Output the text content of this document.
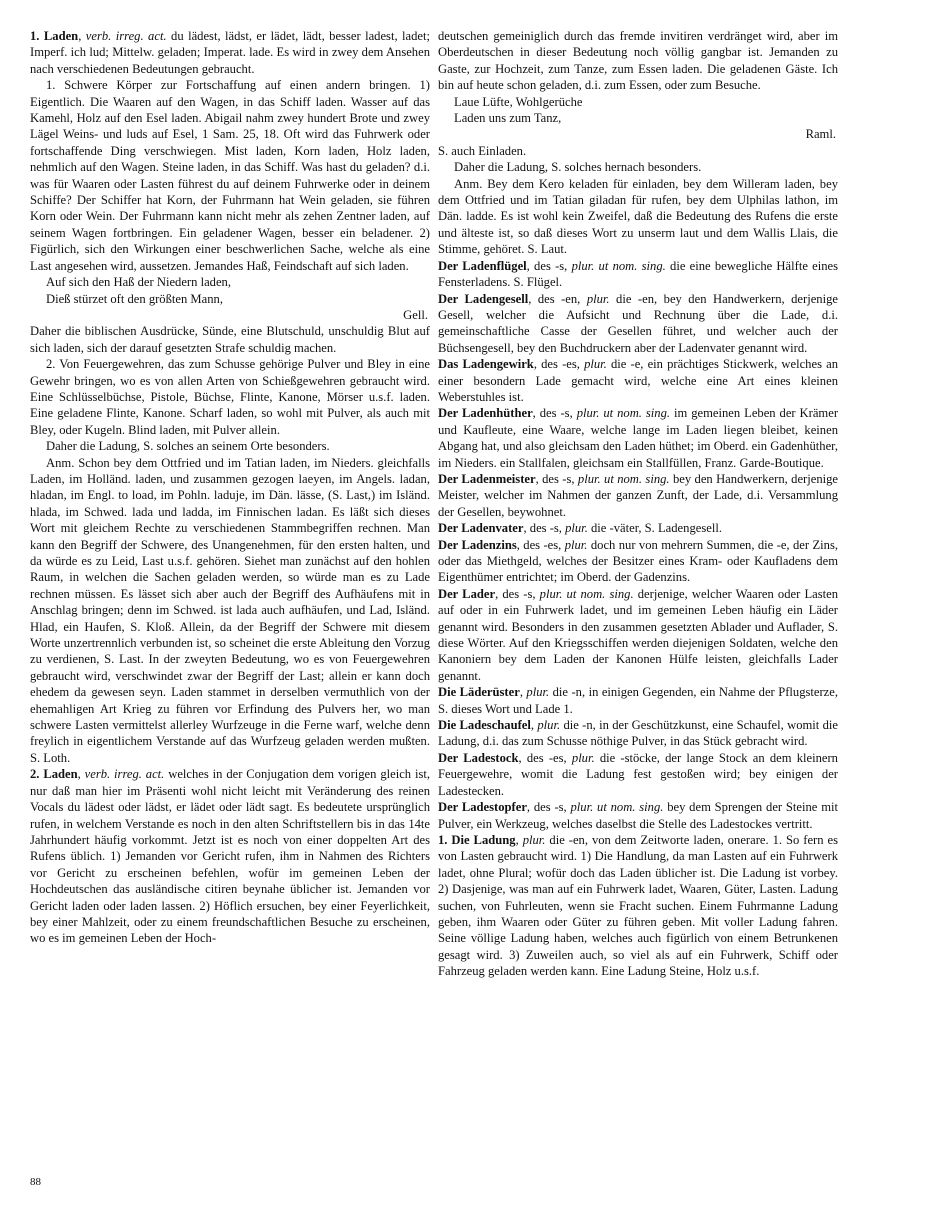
1. Laden, verb. irreg. act. du lädest, lädst, er lädet, lädt, besser ladest, ladet; Imperf. ich lud; Mittelw. geladen; Imperat. lade. Es wird in zwey dem Ansehen nach verschiedenen Bedeutungen gebraucht.

1. Schwere Körper zur Fortschaffung auf einen andern bringen. 1) Eigentlich. Die Waaren auf den Wagen, in das Schiff laden. Wasser auf das Kamehl, Holz auf den Esel laden. Abigail nahm zwey hundert Brote und zwey Lägel Weins- und luds auf Esel, 1 Sam. 25, 18. Oft wird das Fuhrwerk oder fortschaffende Ding verschwiegen. Mist laden, Korn laden, Holz laden, nehmlich auf den Wagen. Steine laden, in das Schiff. Was hast du geladen? d.i. was für Waaren oder Lasten führest du auf deinem Fuhrwerke oder in deinem Schiffe? Der Schiffer hat Korn, der Fuhrmann hat Wein geladen, sie führen Korn oder Wein. Der Fuhrmann kann nicht mehr als zehen Zentner laden, auf seinem Wagen fortbringen. Ein geladener Wagen, besser ein beladener. 2) Figürlich, sich den Wirkungen einer beschwerlichen Sache, welche als eine Last angesehen wird, aussetzen. Jemandes Haß, Feindschaft auf sich laden.

Auf sich den Haß der Niedern laden,

Dieß stürzet oft den größten Mann,

Gell.

Daher die biblischen Ausdrücke, Sünde, eine Blutschuld, unschuldig Blut auf sich laden, sich der darauf gesetzten Strafe schuldig machen.

2. Von Feuergewehren, das zum Schusse gehörige Pulver und Bley in eine Gewehr bringen, wo es von allen Arten von Schießgewehren gebraucht wird. Eine Schlüsselbüchse, Pistole, Büchse, Flinte, Kanone, Mörser u.s.f. laden. Eine geladene Flinte, Kanone. Scharf laden, so wohl mit Pulver, als auch mit Bley, oder Kugeln. Blind laden, mit Pulver allein.

Daher die Ladung, S. solches an seinem Orte besonders.

Anm. Schon bey dem Ottfried und im Tatian laden, im Nieders. gleichfalls Laden, im Holländ. laden, und zusammen gezogen laeyen, im Angels. ladan, hladan, im Engl. to load, im Pohln. laduje, im Dän. lässe, (S. Last,) im Isländ. hlada, im Schwed. lada und ladda, im Finnischen ladan. Es läßt sich dieses Wort mit gleichem Rechte zu verschiedenen Stammbegriffen rechnen. Man kann den Begriff der Schwere, des Unangenehmen, für den ersten halten, und da würde es zu Leid, Last u.s.f. gehören. Siehet man zunächst auf den hohlen Raum, in welchen die Sachen geladen werden, so würde man es zu Lade rechnen müssen. Es lässet sich aber auch der Begriff des Aufhäufens mit in Anschlag bringen; denn im Schwed. ist lada auch aufhäufen, und Lad, Isländ. Hlad, ein Haufen, S. Kloß. Allein, da der Begriff der Schwere mit diesem Worte unzertrennlich verbunden ist, so scheinet die erste Ableitung den Vorzug zu verdienen, S. Last. In der zweyten Bedeutung, wo es von Feuergewehren gebraucht wird, verschwindet zwar der Begriff der Last; allein er kann doch ehedem da gewesen seyn. Laden stammet in derselben vermuthlich von der ehemahligen Art Krieg zu führen vor Erfindung des Pulvers her, wo man schwere Lasten vermittelst allerley Wurfzeuge in die Ferne warf, welche denn freylich in eigentlichem Verstande auf das Wurfzeug geladen werden mußten. S. Loth.

2. Laden, verb. irreg. act. welches in der Conjugation dem vorigen gleich ist, nur daß man hier im Präsenti wohl nicht leicht mit Veränderung des reinen Vocals du lädest oder lädst, er lädet oder lädt sagt. Es bedeutete ursprünglich rufen, in welchem Verstande es noch in den alten Schriftstellern bis in das 14te Jahrhundert häufig vorkommt. Jetzt ist es noch von einer doppelten Art des Rufens üblich. 1) Jemanden vor Gericht rufen, ihm in Nahmen des Richters vor Gericht zu erscheinen befehlen, wofür im gemeinen Leben der Hochdeutschen das ausländische citiren beynahe üblicher ist. Jemanden vor Gericht laden oder laden lassen. 2) Höflich ersuchen, bey einer Feyerlichkeit, bey einer Mahlzeit, oder zu einem freundschaftlichen Besuche zu erscheinen, wo es im gemeinen Leben der Hoch-

deutschen gemeiniglich durch das fremde invitiren verdränget wird, aber im Oberdeutschen in dieser Bedeutung noch völlig gangbar ist. Jemanden zu Gaste, zur Hochzeit, zum Tanze, zum Essen laden. Die geladenen Gäste. Ich bin auf heute schon geladen, d.i. zum Essen, oder zum Besuche.

Laue Lüfte, Wohlgerüche

Laden uns zum Tanz,

Raml.

S. auch Einladen.

Daher die Ladung, S. solches hernach besonders.

Anm. Bey dem Kero keladen für einladen, bey dem Willeram laden, bey dem Ottfried und im Tatian giladan für rufen, bey dem Ulphilas lathon, im Dän. ladde. Es ist wohl kein Zweifel, daß die Bedeutung des Rufens die erste und älteste ist, so daß dieses Wort zu unserm laut und dem Wallis Llais, die Stimme, gehöret. S. Laut.

Der Ladenflügel, des -s, plur. ut nom. sing. die eine bewegliche Hälfte eines Fensterladens. S. Flügel.

Der Ladengesell, des -en, plur. die -en, bey den Handwerkern, derjenige Gesell, welcher die Aufsicht und Rechnung über die Lade, d.i. gemeinschaftliche Casse der Gesellen führet, und welcher auch der Büchsengesell, bey den Buchdruckern aber der Ladenvater genannt wird.

Das Ladengewirk, des -es, plur. die -e, ein prächtiges Stickwerk, welches an einer besondern Lade gemacht wird, welche eine Art eines kleinen Weberstuhles ist.

Der Ladenhüther, des -s, plur. ut nom. sing. im gemeinen Leben der Krämer und Kaufleute, eine Waare, welche lange im Laden liegen bleibet, keinen Abgang hat, und also gleichsam den Laden hüthet; im Oberd. ein Gadenhüther, im Nieders. ein Stallfalen, gleichsam ein Stallfüllen, Franz. Garde-Boutique.

Der Ladenmeister, des -s, plur. ut nom. sing. bey den Handwerkern, derjenige Meister, welcher im Nahmen der ganzen Zunft, der Lade, d.i. Versammlung der Gesellen, beywohnet.

Der Ladenvater, des -s, plur. die -väter, S. Ladengesell.

Der Ladenzins, des -es, plur. doch nur von mehrern Summen, die -e, der Zins, oder das Miethgeld, welches der Besitzer eines Kram- oder Kaufladens dem Eigenthümer entrichtet; im Oberd. der Gadenzins.

Der Lader, des -s, plur. ut nom. sing. derjenige, welcher Waaren oder Lasten auf oder in ein Fuhrwerk ladet, und im gemeinen Leben häufig ein Läder genannt wird. Besonders in den zusammen gesetzten Ablader und Auflader, S. diese Wörter. Auf den Kriegsschiffen werden diejenigen Soldaten, welche den Kanoniern bey dem Laden der Kanonen Hülfe leisten, gleichfalls Lader genannt.

Die Läderüster, plur. die -n, in einigen Gegenden, ein Nahme der Pflugsterze, S. dieses Wort und Lade 1.

Die Ladeschaufel, plur. die -n, in der Geschützkunst, eine Schaufel, womit die Ladung, d.i. das zum Schusse nöthige Pulver, in das Stück gebracht wird.

Der Ladestock, des -es, plur. die -stöcke, der lange Stock an dem kleinern Feuergewehre, womit die Ladung fest gestoßen wird; bey einigen der Ladestecken.

Der Ladestopfer, des -s, plur. ut nom. sing. bey dem Sprengen der Steine mit Pulver, ein Werkzeug, welches daselbst die Stelle des Ladestockes vertritt.

1. Die Ladung, plur. die -en, von dem Zeitworte laden, onerare. 1. So fern es von Lasten gebraucht wird. 1) Die Handlung, da man Lasten auf ein Fuhrwerk ladet, ohne Plural; wofür doch das Laden üblicher ist. Die Ladung ist vorbey. 2) Dasjenige, was man auf ein Fuhrwerk ladet, Waaren, Güter, Lasten. Ladung suchen, von Fuhrleuten, wenn sie Fracht suchen. Einem Fuhrmanne Ladung geben, ihm Waaren oder Güter zu führen geben. Mit voller Ladung fahren. Seine völlige Ladung haben, welches auch figürlich von einem Betrunkenen gesagt wird. 3) Zuweilen auch, so viel als auf ein Fuhrwerk, Schiff oder Fahrzeug geladen werden kann. Eine Ladung Steine, Holz u.s.f.

88
